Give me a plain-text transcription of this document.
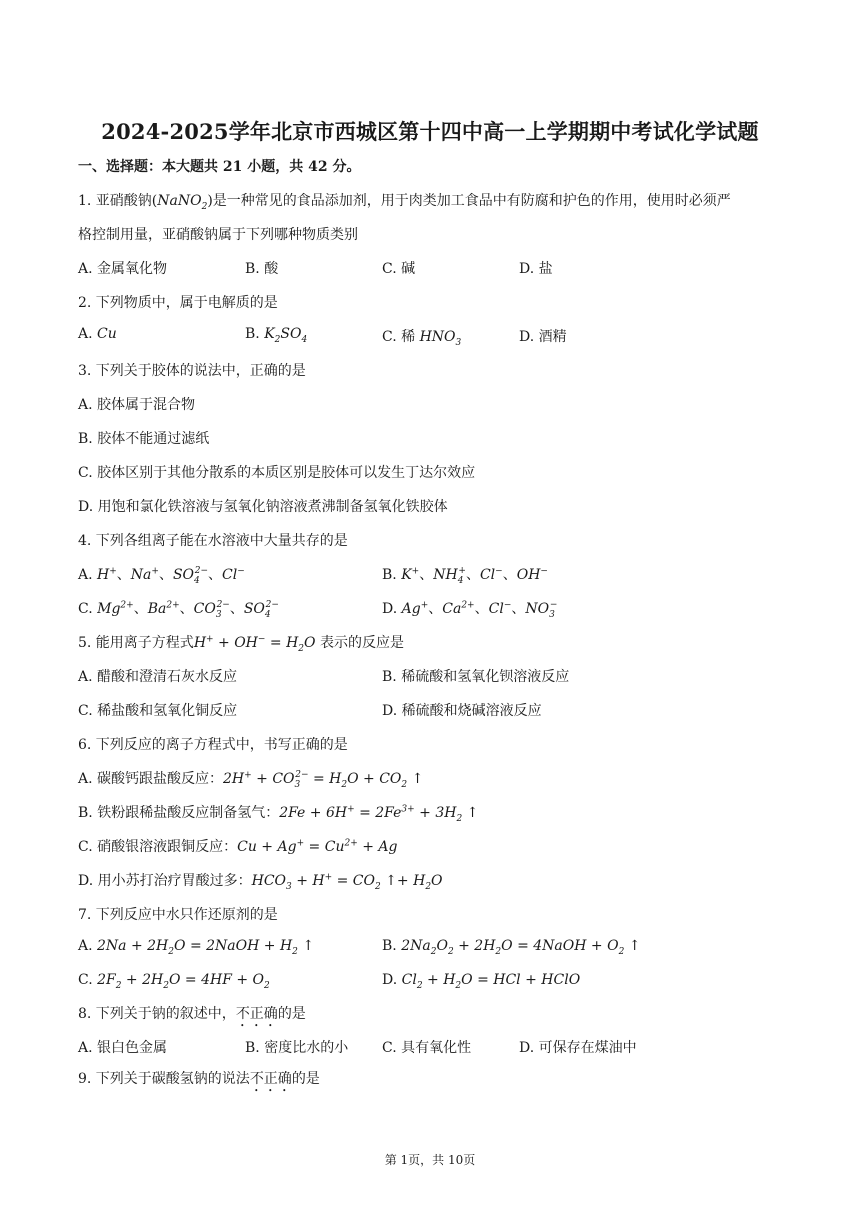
2024-2025学年北京市西城区第十四中高一上学期期中考试化学试题
一、选择题：本大题共 21 小题，共 42 分。
1. 亚硝酸钠(NaNO$_2$)是一种常见的食品添加剂，用于肉类加工食品中有防腐和护色的作用，使用时必须严
格控制用量，亚硝酸钠属于下列哪种物质类别
A. 金属氧化物	B. 酸	C. 碱	D. 盐
2. 下列物质中，属于电解质的是
A. Cu	B. $K_2SO_4$	C. 稀 $HNO_3$	D. 酒精
3. 下列关于胶体的说法中，正确的是
A. 胶体属于混合物
B. 胶体不能通过滤纸
C. 胶体区别于其他分散系的本质区别是胶体可以发生丁达尔效应
D. 用饱和氯化铁溶液与氢氧化钠溶液煮沸制备氢氧化铁胶体
4. 下列各组离子能在水溶液中大量共存的是
A. H+、Na+、$SO_4^{2-}$、Cl−	B. K+、$NH_4^+$、Cl−、OH−
C. $Mg^{2+}$、$Ba^{2+}$、$CO_3^{2-}$、$SO_4^{2-}$	D. Ag+、$Ca^{2+}$、Cl−、$NO_3^-$
5. 能用离子方程式$H^+ + OH^- = H_2O$ 表示的反应是
A. 醋酸和澄清石灰水反应	B. 稀硫酸和氢氧化钡溶液反应
C. 稀盐酸和氢氧化铜反应	D. 稀硫酸和烧碱溶液反应
6. 下列反应的离子方程式中，书写正确的是
A. 碳酸钙跟盐酸反应：$2H^+ + CO_3^{2-} = H_2O + CO_2$ ↑
B. 铁粉跟稀盐酸反应制备氢气：$2Fe + 6H^+ = 2Fe^{3+} + 3H_2$ ↑
C. 硝酸银溶液跟铜反应：$Cu + Ag^+ = Cu^{2+} + Ag$
D. 用小苏打治疗胃酸过多：$HCO_3 + H^+ = CO_2$ ↑+ $H_2O$
7. 下列反应中水只作还原剂的是
A. $2Na + 2H_2O$ = 2NaOH + $H_2$ ↑	B. $2Na_2O_2 + 2H_2O$ = 4NaOH + $O_2$ ↑
C. $2F_2 + 2H_2O = 4HF + O_2$	D. $Cl_2 + H_2O$ = HCl + HClO
8. 下列关于钠的叙述中，不正确的是
A. 银白色金属	B. 密度比水的小 C. 具有氧化性	D. 可保存在煤油中
9. 下列关于碳酸氢钠的说法不正确的是
第 1页，共 10页
